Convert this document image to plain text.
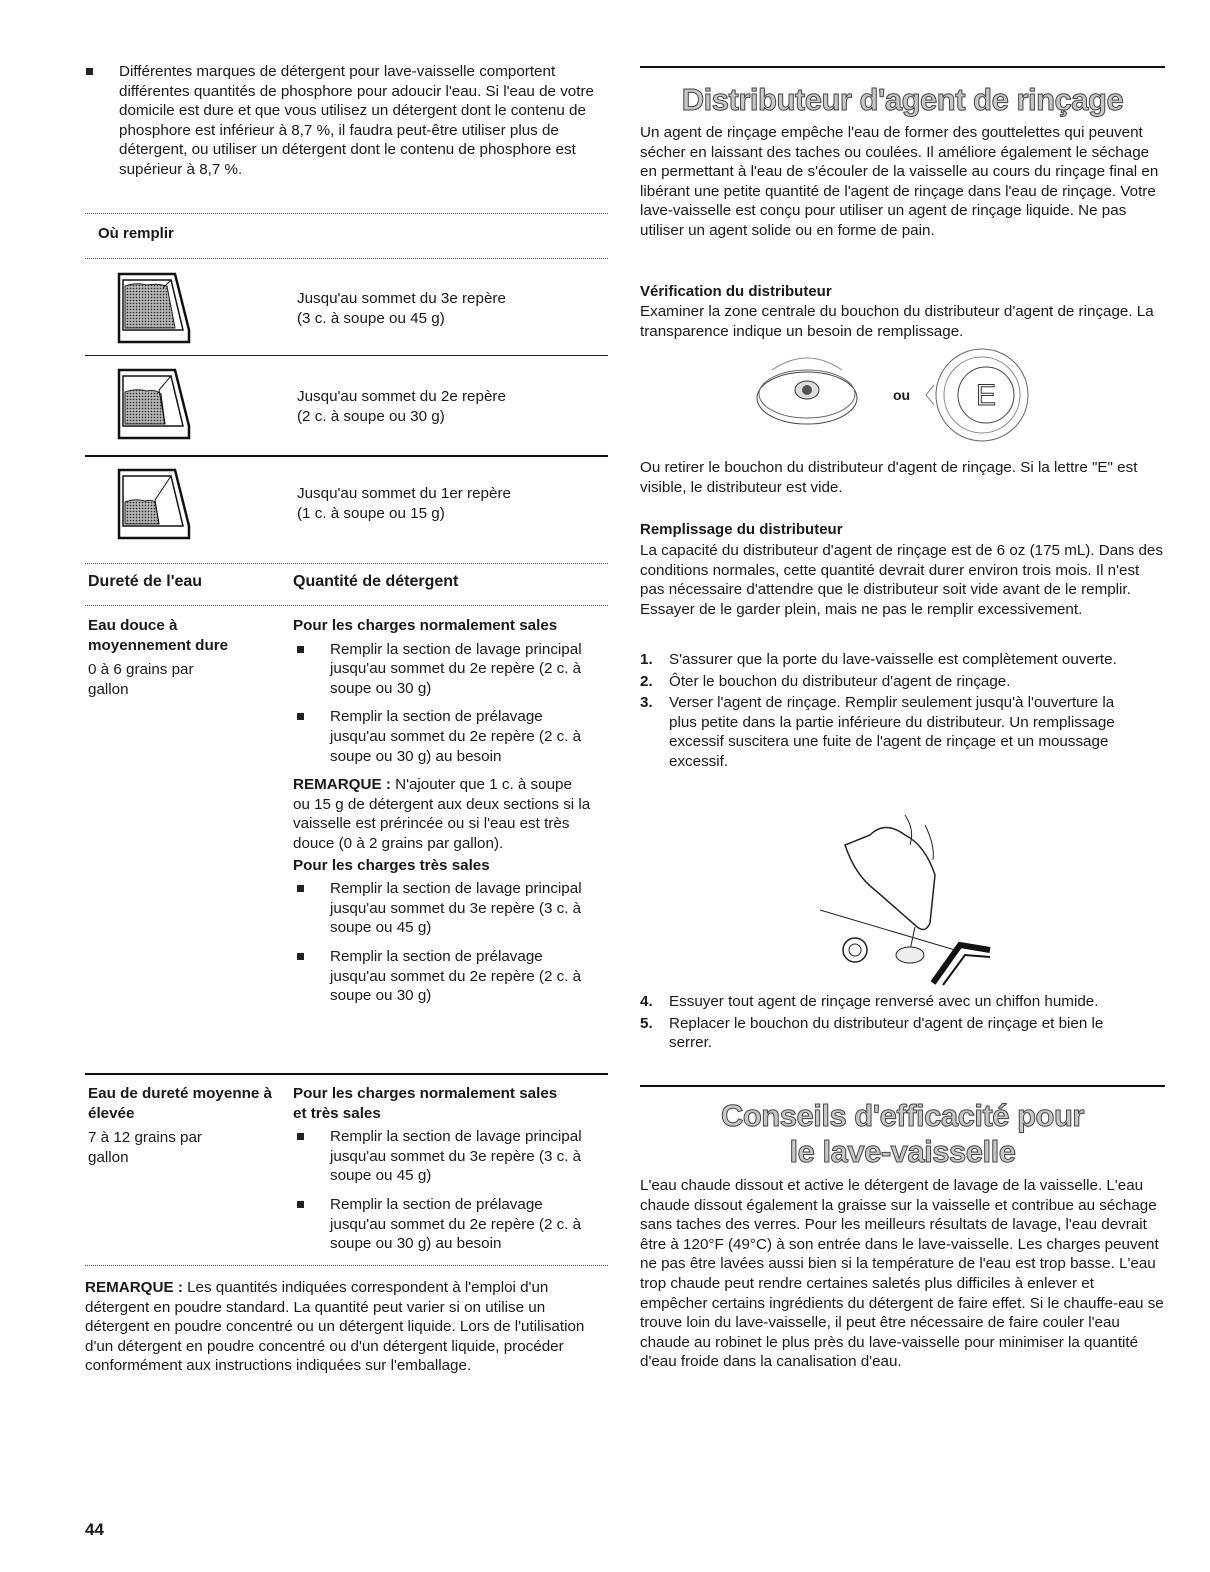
Différentes marques de détergent pour lave-vaisselle comportent différentes quantités de phosphore pour adoucir l'eau. Si l'eau de votre domicile est dure et que vous utilisez un détergent dont le contenu de phosphore est inférieur à 8,7 %, il faudra peut-être utiliser plus de détergent, ou utiliser un détergent dont le contenu de phosphore est supérieur à 8,7 %.

Où remplir

Jusqu'au sommet du 3e repère

(3 c. à soupe ou 45 g)

Jusqu'au sommet du 2e repère

(2 c. à soupe ou 30 g)

Jusqu'au sommet du 1er repère

(1 c. à soupe ou 15 g)

Dureté de l'eau	Quantité de détergent

Eau douce à moyennement dure

0 à 6 grains par gallon

Pour les charges normalement sales

Remplir la section de lavage principal jusqu'au sommet du 2e repère (2 c. à soupe ou 30 g)

Remplir la section de prélavage jusqu'au sommet du 2e repère (2 c. à soupe ou 30 g) au besoin

REMARQUE : N'ajouter que 1 c. à soupe ou 15 g de détergent aux deux sections si la vaisselle est prérincée ou si l'eau est très douce (0 à 2 grains par gallon).

Pour les charges très sales

Remplir la section de lavage principal jusqu'au sommet du 3e repère (3 c. à soupe ou 45 g)

Remplir la section de prélavage jusqu'au sommet du 2e repère (2 c. à soupe ou 30 g)

Eau de dureté moyenne à élevée

7 à 12 grains par gallon

Pour les charges normalement sales et très sales

Remplir la section de lavage principal jusqu'au sommet du 3e repère (3 c. à soupe ou 45 g)

Remplir la section de prélavage jusqu'au sommet du 2e repère (2 c. à soupe ou 30 g) au besoin

REMARQUE : Les quantités indiquées correspondent à l'emploi d'un détergent en poudre standard. La quantité peut varier si on utilise un détergent en poudre concentré ou un détergent liquide. Lors de l'utilisation d'un détergent en poudre concentré ou d'un détergent liquide, procéder conformément aux instructions indiquées sur l'emballage.

44
Distributeur d'agent de rinçage

Un agent de rinçage empêche l'eau de former des gouttelettes qui peuvent sécher en laissant des taches ou coulées. Il améliore également le séchage en permettant à l'eau de s'écouler de la vaisselle au cours du rinçage final en libérant une petite quantité de l'agent de rinçage dans l'eau de rinçage. Votre lave-vaisselle est conçu pour utiliser un agent de rinçage liquide. Ne pas utiliser un agent solide ou en forme de pain.

Vérification du distributeur

Examiner la zone centrale du bouchon du distributeur d'agent de rinçage. La transparence indique un besoin de remplissage.

ou E

Ou retirer le bouchon du distributeur d'agent de rinçage. Si la lettre "E" est visible, le distributeur est vide.

Remplissage du distributeur

La capacité du distributeur d'agent de rinçage est de 6 oz (175 mL). Dans des conditions normales, cette quantité devrait durer environ trois mois. Il n'est pas nécessaire d'attendre que le distributeur soit vide avant de le remplir. Essayer de le garder plein, mais ne pas le remplir excessivement.

1. S'assurer que la porte du lave-vaisselle est complètement ouverte.

2. Ôter le bouchon du distributeur d'agent de rinçage.

3. Verser l'agent de rinçage. Remplir seulement jusqu'à l'ouverture la plus petite dans la partie inférieure du distributeur. Un remplissage excessif suscitera une fuite de l'agent de rinçage et un moussage excessif.

4. Essuyer tout agent de rinçage renversé avec un chiffon humide.

5. Replacer le bouchon du distributeur d'agent de rinçage et bien le serrer.

Conseils d'efficacité pour
le lave-vaisselle

L'eau chaude dissout et active le détergent de lavage de la vaisselle. L'eau chaude dissout également la graisse sur la vaisselle et contribue au séchage sans taches des verres. Pour les meilleurs résultats de lavage, l'eau devrait être à 120°F (49°C) à son entrée dans le lave-vaisselle. Les charges peuvent ne pas être lavées aussi bien si la température de l'eau est trop basse. L'eau trop chaude peut rendre certaines saletés plus difficiles à enlever et empêcher certains ingrédients du détergent de faire effet. Si le chauffe-eau se trouve loin du lave-vaisselle, il peut être nécessaire de faire couler l'eau chaude au robinet le plus près du lave-vaisselle pour minimiser la quantité d'eau froide dans la canalisation d'eau.
